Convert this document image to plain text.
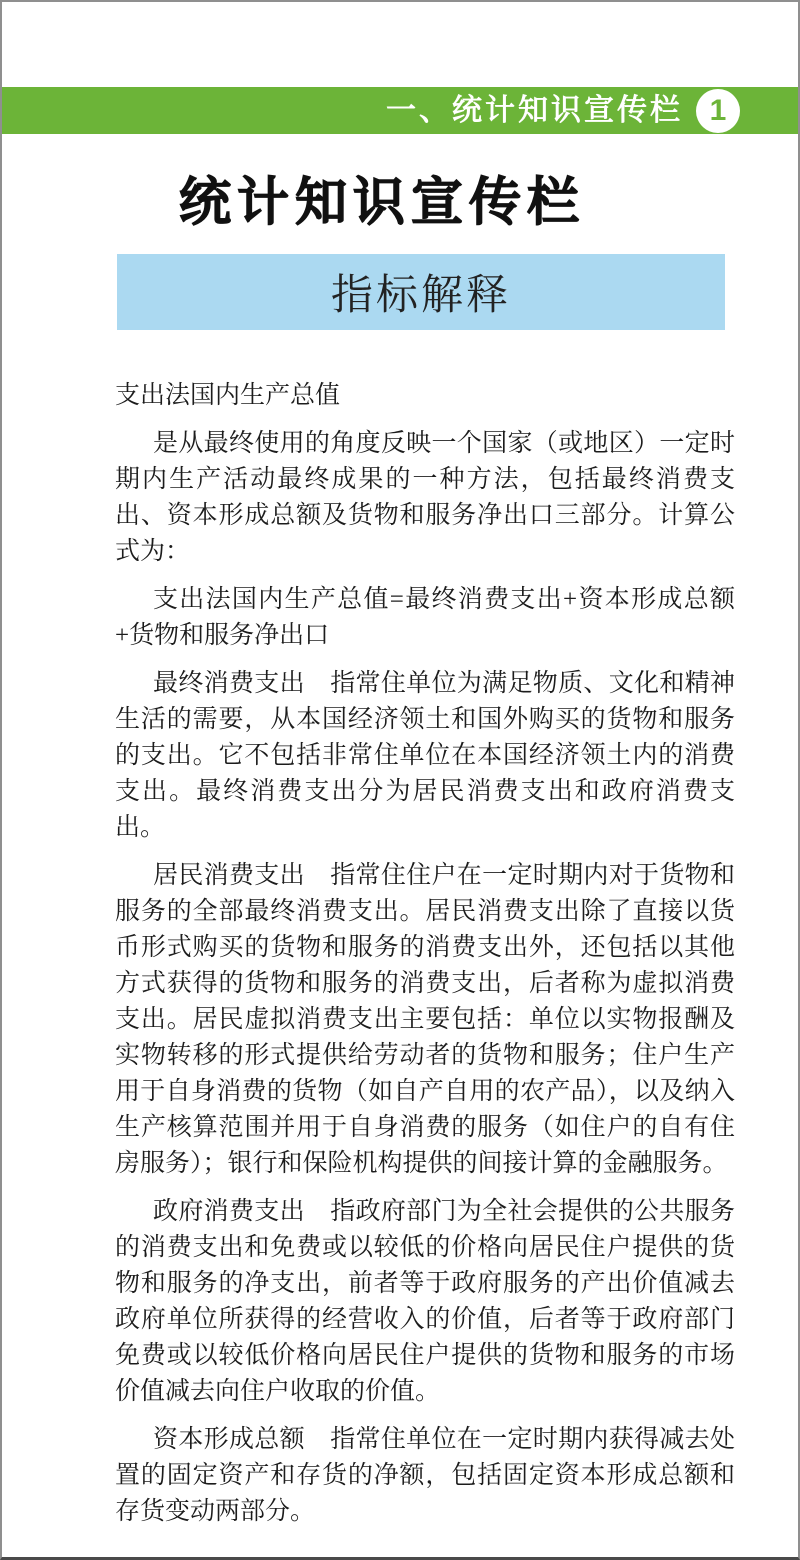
一、统计知识宣传栏 1
统计知识宣传栏
指标解释

支出法国内生产总值

是从最终使用的角度反映一个国家（或地区）一定时期内生产活动最终成果的一种方法，包括最终消费支出、资本形成总额及货物和服务净出口三部分。计算公式为：

支出法国内生产总值=最终消费支出+资本形成总额+货物和服务净出口

最终消费支出　指常住单位为满足物质、文化和精神生活的需要，从本国经济领土和国外购买的货物和服务的支出。它不包括非常住单位在本国经济领土内的消费支出。最终消费支出分为居民消费支出和政府消费支出。

居民消费支出　指常住住户在一定时期内对于货物和服务的全部最终消费支出。居民消费支出除了直接以货币形式购买的货物和服务的消费支出外，还包括以其他方式获得的货物和服务的消费支出，后者称为虚拟消费支出。居民虚拟消费支出主要包括：单位以实物报酬及实物转移的形式提供给劳动者的货物和服务；住户生产用于自身消费的货物（如自产自用的农产品），以及纳入生产核算范围并用于自身消费的服务（如住户的自有住房服务）；银行和保险机构提供的间接计算的金融服务。

政府消费支出　指政府部门为全社会提供的公共服务的消费支出和免费或以较低的价格向居民住户提供的货物和服务的净支出，前者等于政府服务的产出价值减去政府单位所获得的经营收入的价值，后者等于政府部门免费或以较低价格向居民住户提供的货物和服务的市场价值减去向住户收取的价值。

资本形成总额　指常住单位在一定时期内获得减去处置的固定资产和存货的净额，包括固定资本形成总额和存货变动两部分。
